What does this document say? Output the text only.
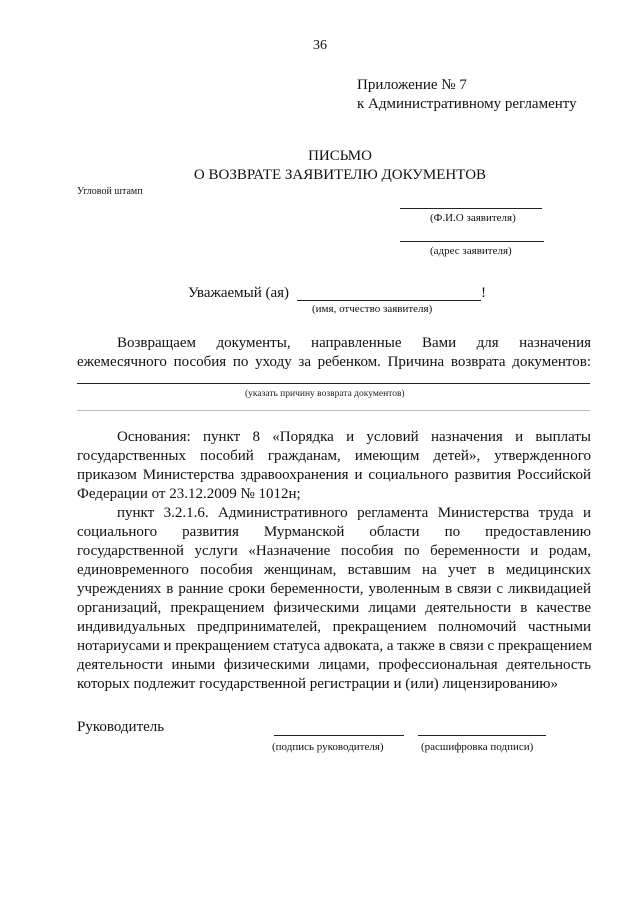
36
Приложение № 7
к Административному регламенту
ПИСЬМО
О ВОЗВРАТЕ ЗАЯВИТЕЛЮ ДОКУМЕНТОВ
Угловой штамп
(Ф.И.О заявителя)
(адрес заявителя)
Уважаемый (ая)	!
(имя, отчество заявителя)
Возвращаем документы, направленные Вами для назначения
ежемесячного пособия по уходу за ребенком. Причина возврата документов:
(указать причину возврата документов)
Основания: пункт 8 «Порядка и условий назначения и выплаты
государственных пособий гражданам, имеющим детей», утвержденного
приказом Министерства здравоохранения и социального развития Российской
Федерации от 23.12.2009 № 1012н;
пункт 3.2.1.6. Административного регламента Министерства труда и
социального развития Мурманской области по предоставлению
государственной услуги «Назначение пособия по беременности и родам,
единовременного пособия женщинам, вставшим на учет в медицинских
учреждениях в ранние сроки беременности, уволенным в связи с ликвидацией
организаций, прекращением физическими лицами деятельности в качестве
индивидуальных предпринимателей, прекращением полномочий частными
нотариусами и прекращением статуса адвоката, а также в связи с прекращением
деятельности иными физическими лицами, профессиональная деятельность
которых подлежит государственной регистрации и (или) лицензированию»
Руководитель
(подпись руководителя)	(расшифровка подписи)
